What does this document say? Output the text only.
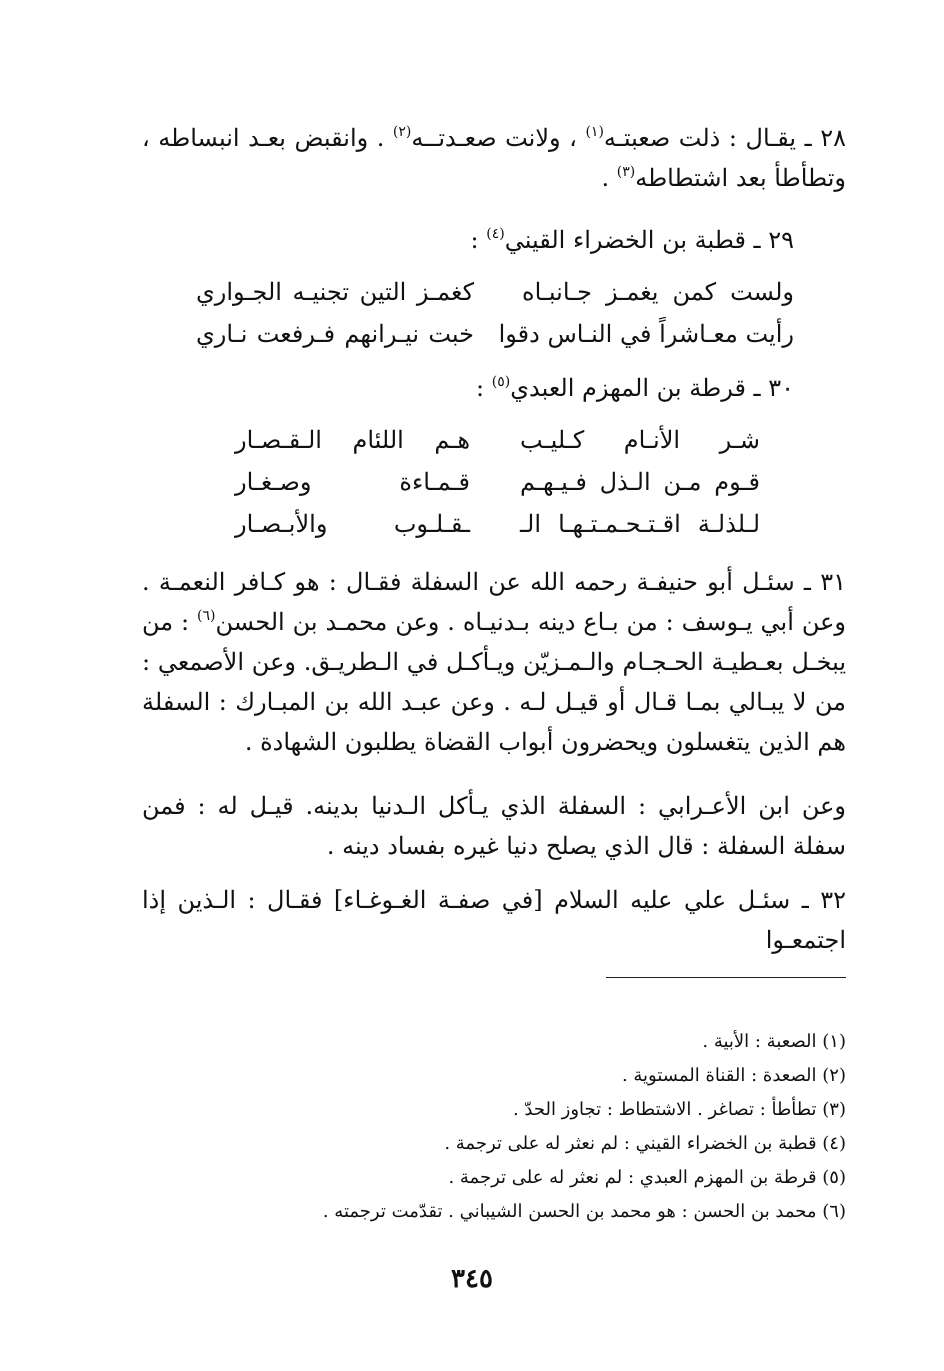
٢٨ ـ يقـال : ذلت صعبتـه$^{(١)}$ ، ولانت صعـدتــه$^{(٢)}$ . وانقبض بعـد انبساطه ، وتطأطأ بعد اشتطاطه$^{(٣)}$ .
٢٩ ـ قطبة بن الخضراء القيني$^{(٤)}$ :
ولست كمن يغمـز جـانبـاه
كغمـز التين تجنيـه الجـواري
رأيت معـاشراً في النـاس دقوا
خبت نيـرانهم فـرفعت نـاري
٣٠ ـ قرطة بن المهزم العبدي$^{(٥)}$ :
شـر الأنـام كـليـب
هـم اللئام الـقـصـار
قـوم مـن الـذل فـيـهـم
قـمـاءة وصـغـار
لـلذلـة اقـتـحـمـتـهـا الـ
ـقـلـوب والأبـصـار
٣١ ـ سئـل أبو حنيفـة رحمه الله عن السفلة فقـال : هو كـافر النعمـة . وعن أبي يـوسف : من بـاع دينه بـدنيـاه . وعن محمـد بن الحسن$^{(٦)}$ : من يبخـل بعـطيـة الحـجـام والـمـزيّن ويـأكـل في الـطريـق. وعن الأصمعي : من لا يبـالي بمـا قـال أو قيـل لـه . وعن عبـد الله بن المبـارك : السفلة هم الذين يتغسلون ويحضرون أبواب القضاة يطلبون الشهادة .
وعن ابن الأعـرابي : السفلة الذي يـأكل الـدنيا بدينه. قيـل له : فمن سفلة السفلة : قال الذي يصلح دنيا غيره بفساد دينه .
٣٢ ـ سئـل علي عليه السلام [في صفـة الغـوغـاء] فقـال : الـذين إذا اجتمعـوا
(١) الصعبة : الأبية .
(٢) الصعدة : القناة المستوية .
(٣) تطأطأ : تصاغر . الاشتطاط : تجاوز الحدّ .
(٤) قطبة بن الخضراء القيني : لم نعثر له على ترجمة .
(٥) قرطة بن المهزم العبدي : لم نعثر له على ترجمة .
(٦) محمد بن الحسن : هو محمد بن الحسن الشيباني . تقدّمت ترجمته .
٣٤٥
